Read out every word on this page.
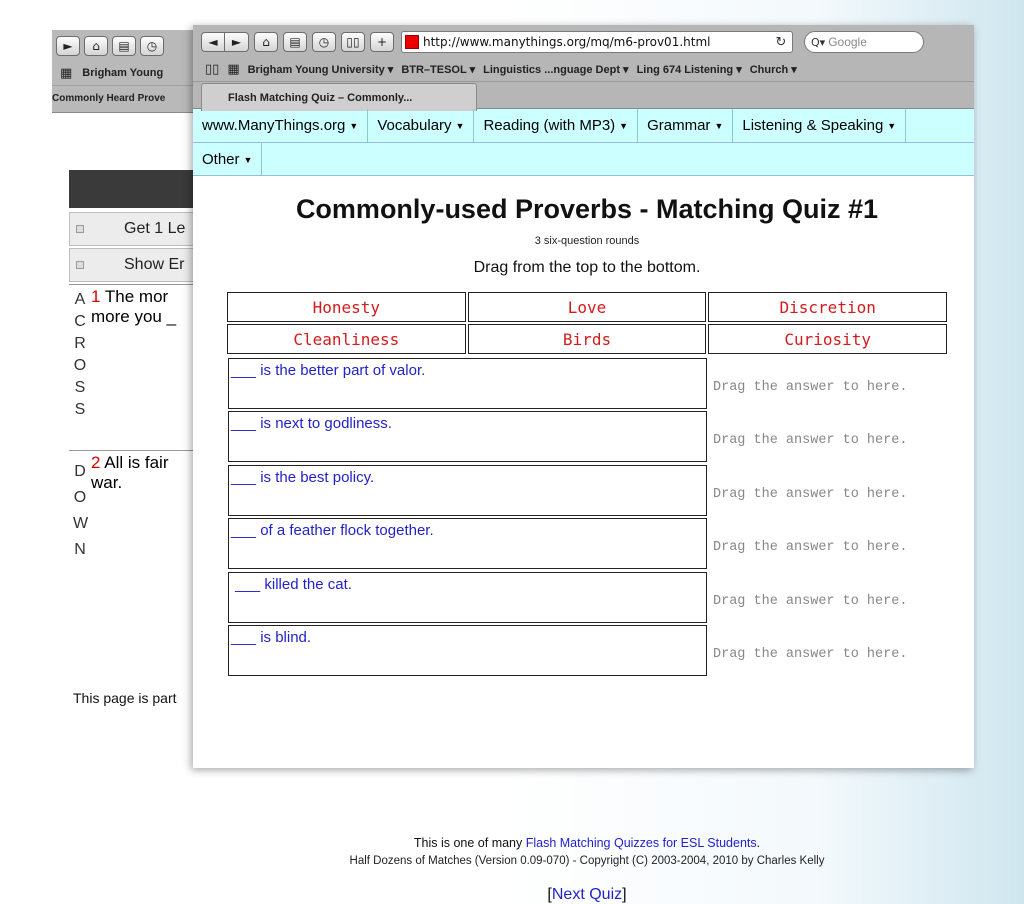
►	⌂	▤	◷
▦ Brigham Young
Commonly Heard Prove
Get 1 Le
Show Er
A
C
R
O
S
S
1 The mor
more you _
D
O
W
N
2 All is fair
war.
This page is part
◄	►	⌂	▤	◷	▯▯	+	http://www.manythings.org/mq/m6-prov01.html	↻	Q▾ Google
▯▯ ▦ Brigham Young University ▾ BTR–TESOL ▾ Linguistics ...nguage Dept ▾ Ling 674 Listening ▾ Church ▾
Flash Matching Quiz – Commonly...
www.ManyThings.org ▼ Vocabulary ▼ Reading (with MP3) ▼ Grammar ▼ Listening & Speaking ▼
Other ▼
Commonly-used Proverbs - Matching Quiz #1
3 six-question rounds
Drag from the top to the bottom.
Honesty	Love	Discretion
Cleanliness	Birds	Curiosity
___ is the better part of valor.
Drag the answer to here.
___ is next to godliness.
Drag the answer to here.
___ is the best policy.
Drag the answer to here.
___ of a feather flock together.
Drag the answer to here.
___ killed the cat.
Drag the answer to here.
___ is blind.
Drag the answer to here.
This is one of many Flash Matching Quizzes for ESL Students.
Half Dozens of Matches (Version 0.09-070) - Copyright (C) 2003-2004, 2010 by Charles Kelly
[Next Quiz]
